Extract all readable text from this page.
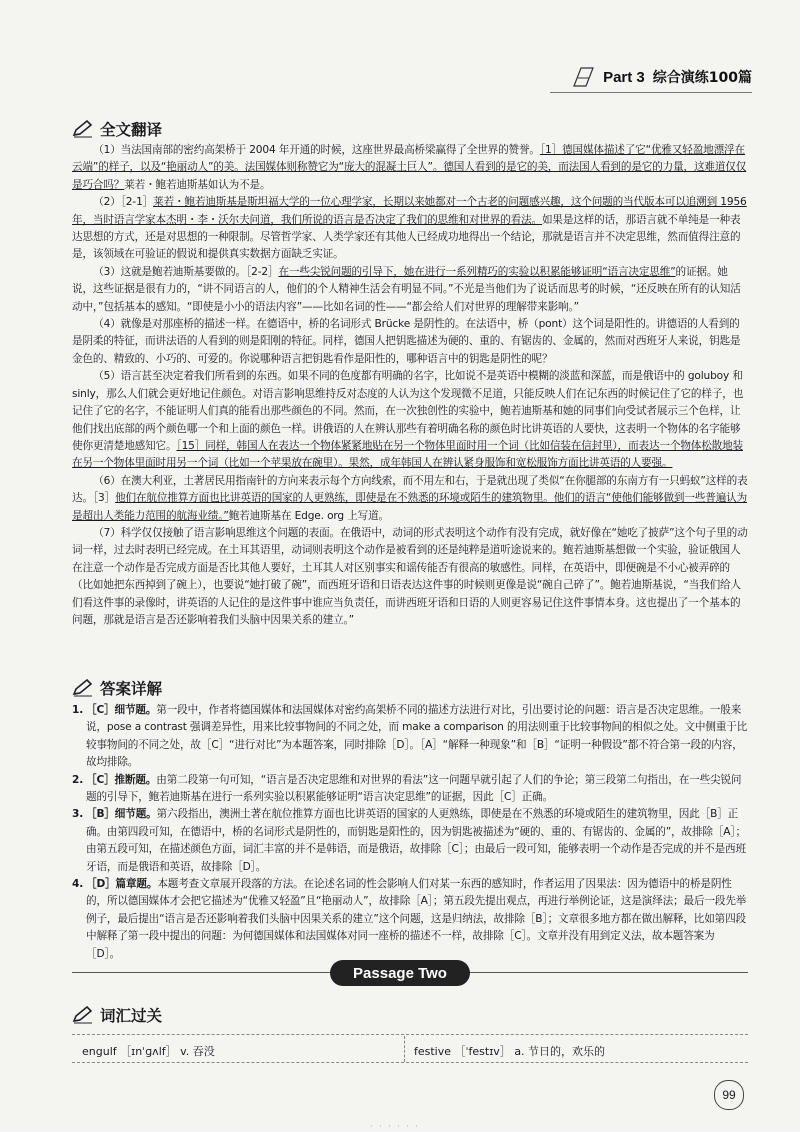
Part 3 综合演练100篇
全文翻译

（1）当法国南部的密约高架桥于 2004 年开通的时候，这座世界最高桥梁赢得了全世界的赞誉。［1］德国媒体描述了它“优雅又轻盈地漂浮在云端”的样子，以及“艳丽动人”的美。法国媒体则称赞它为“庞大的混凝土巨人”。德国人看到的是它的美，而法国人看到的是它的力量，这难道仅仅是巧合吗？莱若・鲍若迪斯基如认为不是。

（2）［2-1］莱若・鲍若迪斯基是斯坦福大学的一位心理学家，长期以来她都对一个古老的问题感兴趣，这个问题的当代版本可以追溯到 1956 年，当时语言学家本杰明・李・沃尔夫问道，我们所说的语言是否决定了我们的思维和对世界的看法。如果是这样的话，那语言就不单纯是一种表达思想的方式，还是对思想的一种限制。尽管哲学家、人类学家还有其他人已经成功地得出一个结论，那就是语言并不决定思维，然而值得注意的是，该领域在可验证的假说和提供真实数据方面缺乏实证。

（3）这就是鲍若迪斯基要做的。［2-2］在一些尖锐问题的引导下，她在进行一系列精巧的实验以积累能够证明“语言决定思维”的证据。她说，这些证据是很有力的，“讲不同语言的人，他们的个人精神生活会有明显不同。”不光是当他们为了说话而思考的时候，“还反映在所有的认知活动中，”包括基本的感知。“即使是小小的语法内容”——比如名词的性——“都会给人们对世界的理解带来影响。”

（4）就像是对那座桥的描述一样。在德语中，桥的名词形式 Brücke 是阴性的。在法语中，桥（pont）这个词是阳性的。讲德语的人看到的是阴柔的特征，而讲法语的人看到的则是阳刚的特征。同样，德国人把钥匙描述为硬的、重的、有锯齿的、金属的，然而对西班牙人来说，钥匙是金色的、精致的、小巧的、可爱的。你说哪种语言把钥匙看作是阳性的，哪种语言中的钥匙是阴性的呢？

（5）语言甚至决定着我们所看到的东西。如果不同的色度都有明确的名字，比如说不是英语中模糊的淡蓝和深蓝，而是俄语中的 goluboy 和 sinly，那么人们就会更好地记住颜色。对语言影响思维持反对态度的人认为这个发现微不足道，只能反映人们在记东西的时候记住了它的样子，也记住了它的名字，不能证明人们真的能看出那些颜色的不同。然而，在一次独创性的实验中，鲍若迪斯基和她的同事们向受试者展示三个色样，让他们找出底部的两个颜色哪一个和上面的颜色一样。讲俄语的人在辨认那些有着明确名称的颜色时比讲英语的人要快，这表明一个物体的名字能够使你更清楚地感知它。［15］同样，韩国人在表达一个物体紧紧地贴在另一个物体里面时用一个词（比如信装在信封里），而表达一个物体松散地装在另一个物体里面时用另一个词（比如一个苹果放在碗里）。果然，成年韩国人在辨认紧身服饰和宽松服饰方面比讲英语的人要强。

（6）在澳大利亚，土著居民用指南针的方向来表示每个方向线索，而不用左和右，于是就出现了类似“在你腿部的东南方有一只蚂蚁”这样的表达。［3］他们在航位推算方面也比讲英语的国家的人更熟练，即使是在不熟悉的环境或陌生的建筑物里。他们的语言“使他们能够做到一些普遍认为是超出人类能力范围的航海业绩。”鲍若迪斯基在 Edge. org 上写道。

（7）科学仅仅接触了语言影响思维这个问题的表面。在俄语中，动词的形式表明这个动作有没有完成，就好像在“她吃了披萨”这个句子里的动词一样，过去时表明已经完成。在土耳其语里，动词则表明这个动作是被看到的还是纯粹是道听途说来的。鲍若迪斯基想做一个实验，验证俄国人在注意一个动作是否完成方面是否比其他人要好，土耳其人对区别事实和谣传能否有很高的敏感性。同样，在英语中，即便碗是不小心被弄碎的（比如她把东西掉到了碗上），也要说“她打破了碗”，而西班牙语和日语表达这件事的时候则更像是说“碗自己碎了”。鲍若迪斯基说，“当我们给人们看这件事的录像时，讲英语的人记住的是这件事中谁应当负责任，而讲西班牙语和日语的人则更容易记住这件事情本身。这也提出了一个基本的问题，那就是语言是否还影响着我们头脑中因果关系的建立。”

答案详解
1. ［C］细节题。第一段中，作者将德国媒体和法国媒体对密约高架桥不同的描述方法进行对比，引出要讨论的问题：语言是否决定思维。一般来说，pose a contrast 强调差异性，用来比较事物间的不同之处，而 make a comparison 的用法则重于比较事物间的相似之处。文中侧重于比较事物间的不同之处，故［C］“进行对比”为本题答案，同时排除［D］。［A］“解释一种现象”和［B］“证明一种假设”都不符合第一段的内容，故均排除。
2. ［C］推断题。由第二段第一句可知，“语言是否决定思维和对世界的看法”这一问题早就引起了人们的争论；第三段第二句指出，在一些尖锐问题的引导下，鲍若迪斯基在进行一系列实验以积累能够证明“语言决定思维”的证据，因此［C］正确。
3. ［B］细节题。第六段指出，澳洲土著在航位推算方面也比讲英语的国家的人更熟练，即使是在不熟悉的环境或陌生的建筑物里，因此［B］正确。由第四段可知，在德语中，桥的名词形式是阴性的，而钥匙是阳性的，因为钥匙被描述为“硬的、重的、有锯齿的、金属的”，故排除［A］；由第五段可知，在描述颜色方面，词汇丰富的并不是韩语，而是俄语，故排除［C］；由最后一段可知，能够表明一个动作是否完成的并不是西班牙语，而是俄语和英语，故排除［D］。
4. ［D］篇章题。本题考查文章展开段落的方法。在论述名词的性会影响人们对某一东西的感知时，作者运用了因果法：因为德语中的桥是阴性的，所以德国媒体才会把它描述为“优雅又轻盈”且“艳丽动人”，故排除［A］；第五段先提出观点，再进行举例论证，这是演绎法；最后一段先举例子，最后提出“语言是否还影响着我们头脑中因果关系的建立”这个问题，这是归纳法，故排除［B］；文章很多地方都在做出解释，比如第四段中解释了第一段中提出的问题：为何德国媒体和法国媒体对同一座桥的描述不一样，故排除［C］。文章并没有用到定义法，故本题答案为［D］。
Passage Two
词汇过关
engulf ［ɪnˈɡʌlf］ v. 吞没	festive ［ˈfestɪv］ a. 节日的，欢乐的
99
· · · · · ·
